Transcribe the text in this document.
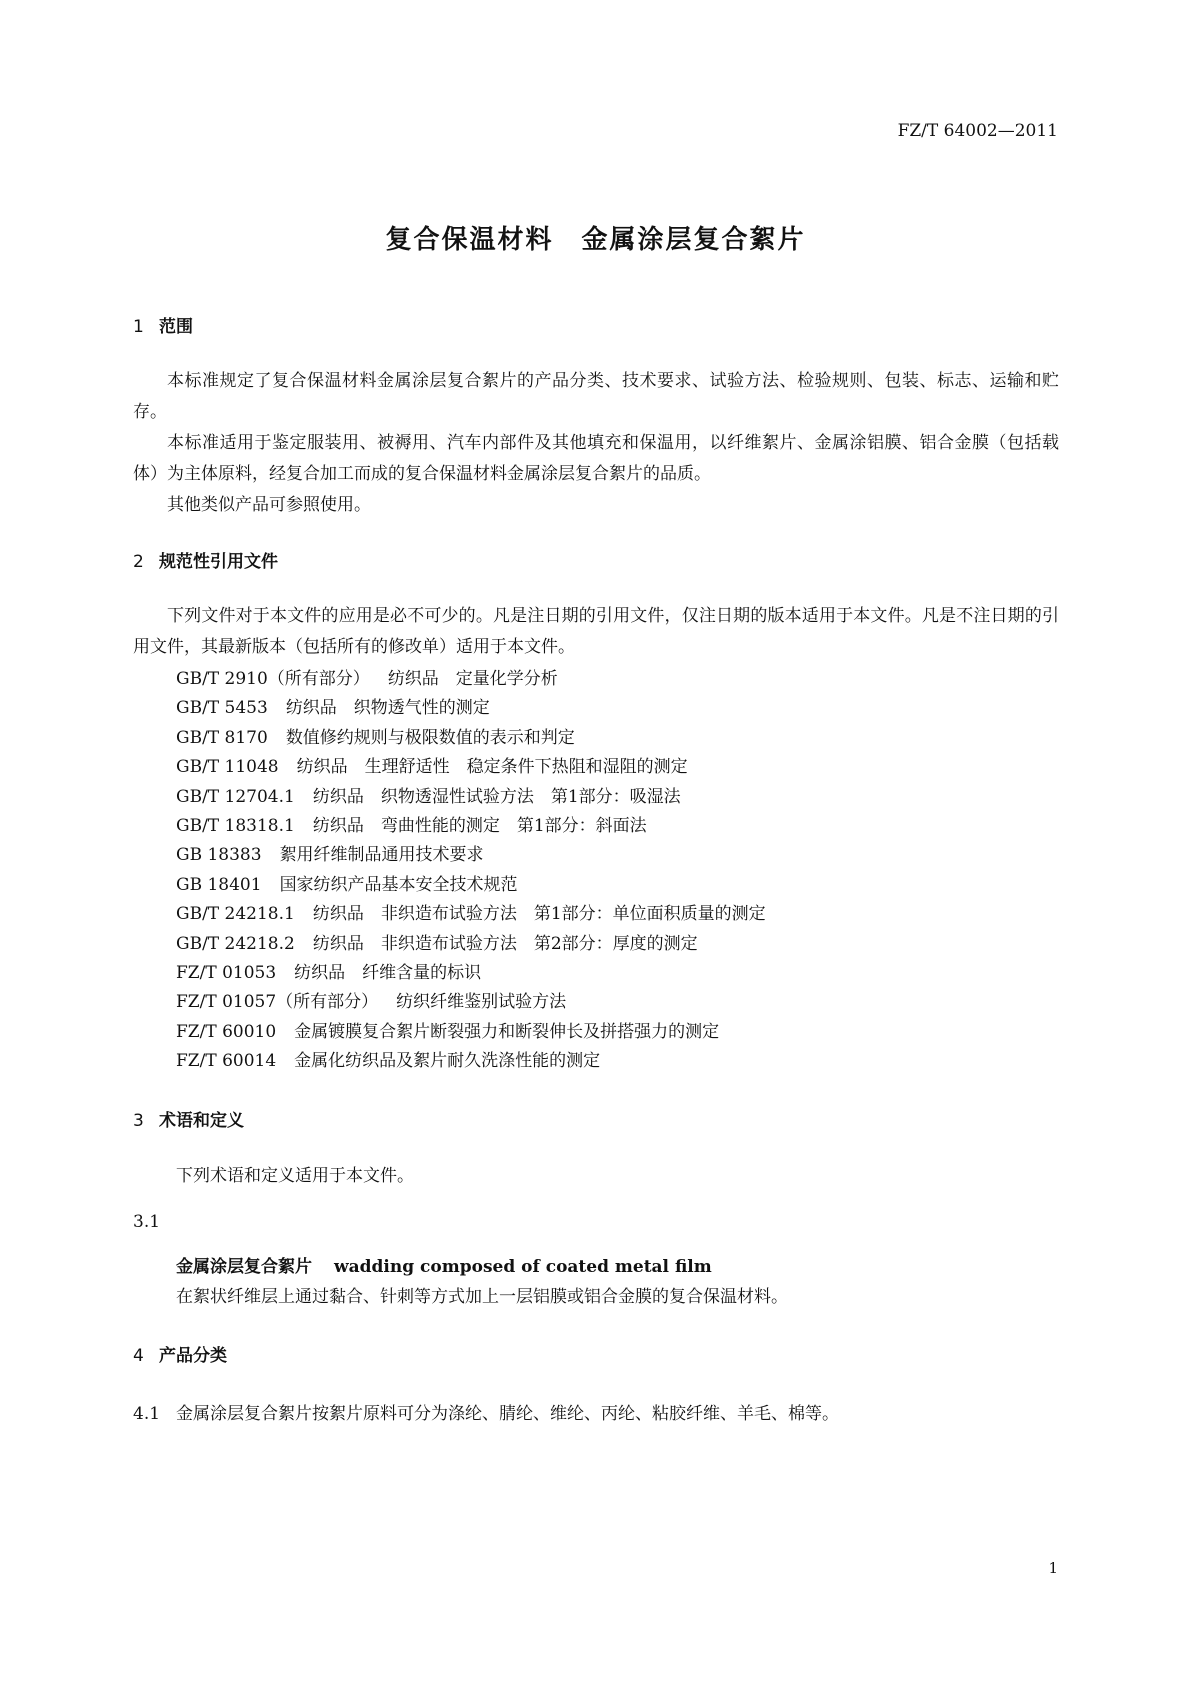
FZ/T 64002—2011
复合保温材料　金属涂层复合絮片
1 范围
本标准规定了复合保温材料金属涂层复合絮片的产品分类、技术要求、试验方法、检验规则、包装、标志、运输和贮存。
本标准适用于鉴定服装用、被褥用、汽车内部件及其他填充和保温用，以纤维絮片、金属涂铝膜、铝合金膜（包括载体）为主体原料，经复合加工而成的复合保温材料金属涂层复合絮片的品质。
其他类似产品可参照使用。
2 规范性引用文件
下列文件对于本文件的应用是必不可少的。凡是注日期的引用文件，仅注日期的版本适用于本文件。凡是不注日期的引用文件，其最新版本（包括所有的修改单）适用于本文件。
GB/T 2910（所有部分） 纺织品　定量化学分析
GB/T 5453 纺织品　织物透气性的测定
GB/T 8170 数值修约规则与极限数值的表示和判定
GB/T 11048 纺织品　生理舒适性　稳定条件下热阻和湿阻的测定
GB/T 12704.1 纺织品　织物透湿性试验方法　第1部分：吸湿法
GB/T 18318.1 纺织品　弯曲性能的测定　第1部分：斜面法
GB 18383 絮用纤维制品通用技术要求
GB 18401 国家纺织产品基本安全技术规范
GB/T 24218.1 纺织品　非织造布试验方法　第1部分：单位面积质量的测定
GB/T 24218.2 纺织品　非织造布试验方法　第2部分：厚度的测定
FZ/T 01053 纺织品　纤维含量的标识
FZ/T 01057（所有部分） 纺织纤维鉴别试验方法
FZ/T 60010 金属镀膜复合絮片断裂强力和断裂伸长及拼搭强力的测定
FZ/T 60014 金属化纺织品及絮片耐久洗涤性能的测定
3 术语和定义
下列术语和定义适用于本文件。
3.1
金属涂层复合絮片 wadding composed of coated metal film
在絮状纤维层上通过黏合、针刺等方式加上一层铝膜或铝合金膜的复合保温材料。
4 产品分类
4.1 金属涂层复合絮片按絮片原料可分为涤纶、腈纶、维纶、丙纶、粘胶纤维、羊毛、棉等。
1
